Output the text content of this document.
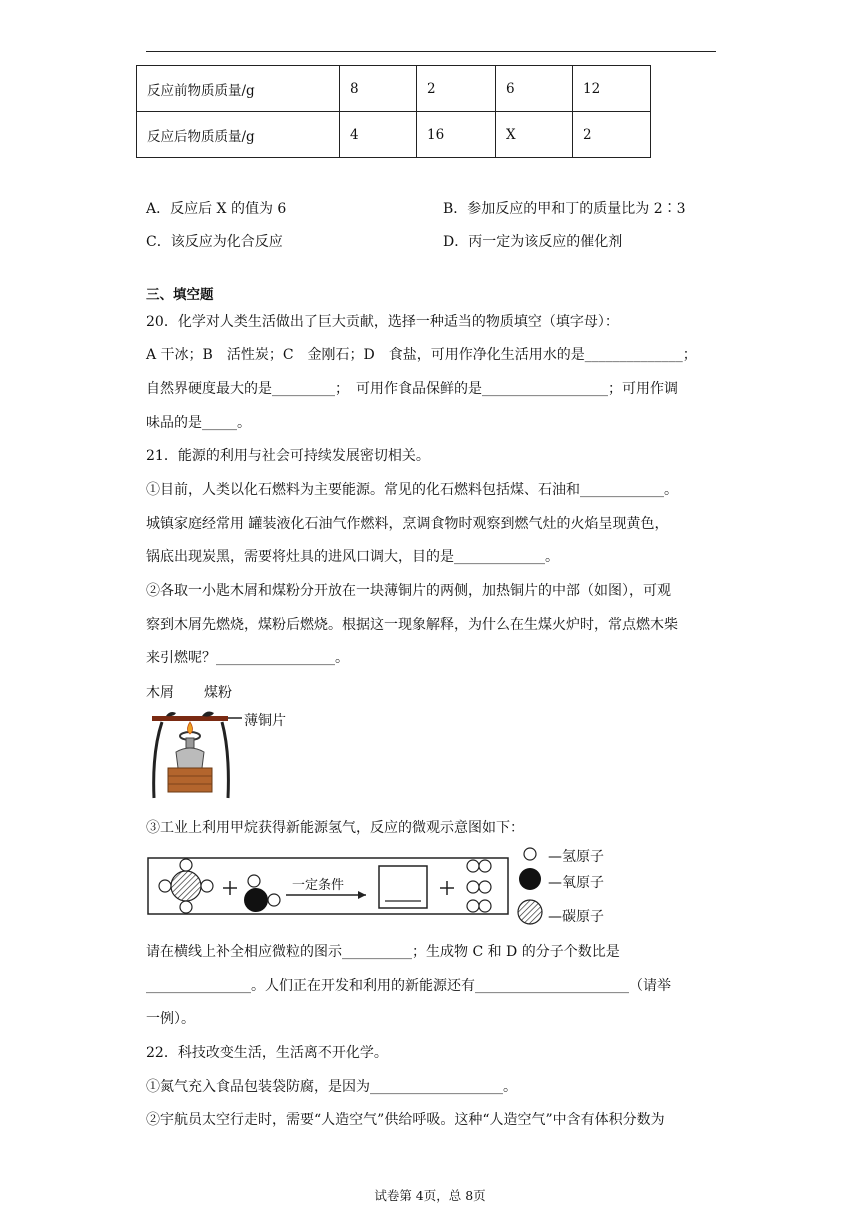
反应前物质质量/g	8	2	6	12
反应后物质质量/g	4	16	X	2
A．反应后 X 的值为 6	B．参加反应的甲和丁的质量比为 2∶3
C．该反应为化合反应	D．丙一定为该反应的催化剂
三、填空题
20．化学对人类生活做出了巨大贡献，选择一种适当的物质填空（填字母）：
A 干冰；B　活性炭；C　金刚石；D　食盐，可用作净化生活用水的是______________；
自然界硬度最大的是_________；　可用作食品保鲜的是__________________；可用作调
味品的是_____。
21．能源的利用与社会可持续发展密切相关。
①目前，人类以化石燃料为主要能源。常见的化石燃料包括煤、石油和____________。
城镇家庭经常用 罐装液化石油气作燃料，烹调食物时观察到燃气灶的火焰呈现黄色，
锅底出现炭黑，需要将灶具的进风口调大，目的是_____________。
②各取一小匙木屑和煤粉分开放在一块薄铜片的两侧，加热铜片的中部（如图），可观
察到木屑先燃烧，煤粉后燃烧。根据这一现象解释，为什么在生煤火炉时，常点燃木柴
来引燃呢？_________________。
木屑 煤粉
薄铜片
③工业上利用甲烷获得新能源氢气，反应的微观示意图如下：
一定条件
—氢原子
—氧原子
—碳原子
请在横线上补全相应微粒的图示__________；生成物 C 和 D 的分子个数比是
_______________。人们正在开发和利用的新能源还有______________________（请举
一例）。
22．科技改变生活，生活离不开化学。
①氮气充入食品包装袋防腐，是因为___________________。
②宇航员太空行走时，需要“人造空气”供给呼吸。这种“人造空气”中含有体积分数为
试卷第 4页，总 8页
